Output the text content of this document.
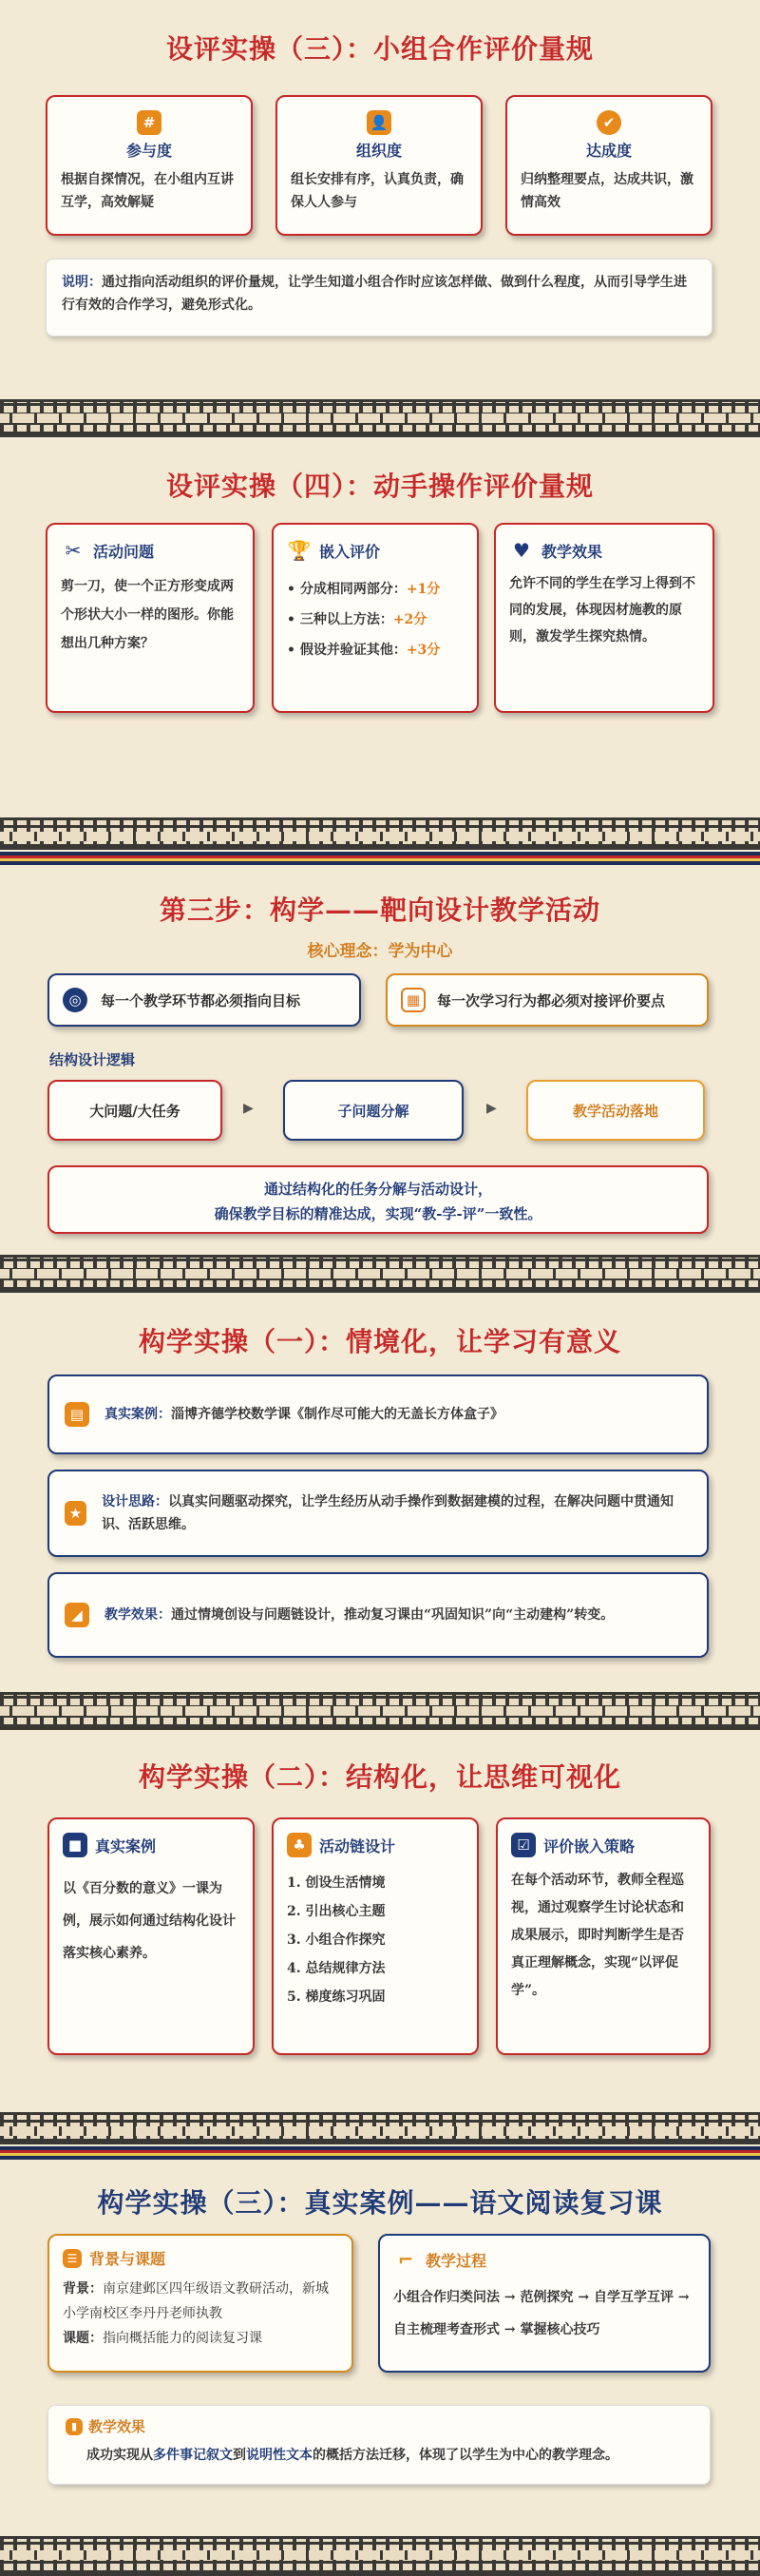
设评实操（三）：小组合作评价量规
#
参与度
根据自探情况，在小组内互讲互学，高效解疑
👤
组织度
组长安排有序，认真负责，确保人人参与
✔
达成度
归纳整理要点，达成共识，激情高效
说明：通过指向活动组织的评价量规，让学生知道小组合作时应该怎样做、做到什么程度，从而引导学生进行有效的合作学习，避免形式化。
设评实操（四）：动手操作评价量规
✂ 活动问题
剪一刀，使一个正方形变成两个形状大小一样的图形。你能想出几种方案？
🏆 嵌入评价
• 分成相同两部分：+1分
• 三种以上方法：+2分
• 假设并验证其他：+3分
♥ 教学效果
允许不同的学生在学习上得到不同的发展，体现因材施教的原则，激发学生探究热情。
第三步：构学——靶向设计教学活动
核心理念：学为中心
◎	每一个教学环节都必须指向目标	▦	每一次学习行为都必须对接评价要点
结构设计逻辑
大问题/大任务	▶	子问题分解	▶	教学活动落地
通过结构化的任务分解与活动设计，
确保教学目标的精准达成，实现“教-学-评”一致性。
构学实操（一）：情境化，让学习有意义
▤	真实案例：淄博齐德学校数学课《制作尽可能大的无盖长方体盒子》
★
设计思路：以真实问题驱动探究，让学生经历从动手操作到数据建模的过程，在解决问题中贯通知识、活跃思维。
◢	教学效果：通过情境创设与问题链设计，推动复习课由“巩固知识”向“主动建构”转变。
构学实操（二）：结构化，让思维可视化
■ 真实案例
以《百分数的意义》一课为例，展示如何通过结构化设计落实核心素养。
♣ 活动链设计
1. 创设生活情境
2. 引出核心主题
3. 小组合作探究
4. 总结规律方法
5. 梯度练习巩固
☑ 评价嵌入策略
在每个活动环节，教师全程巡视，通过观察学生讨论状态和成果展示，即时判断学生是否真正理解概念，实现“以评促学”。
构学实操（三）：真实案例——语文阅读复习课
☰ 背景与课题
背景：南京建邺区四年级语文教研活动，新城小学南校区李丹丹老师执教
课题：指向概括能力的阅读复习课
⌐ 教学过程
小组合作归类问法 → 范例探究 → 自学互学互评 → 自主梳理考查形式 → 掌握核心技巧
▮ 教学效果
成功实现从多件事记叙文到说明性文本的概括方法迁移，体现了以学生为中心的教学理念。
